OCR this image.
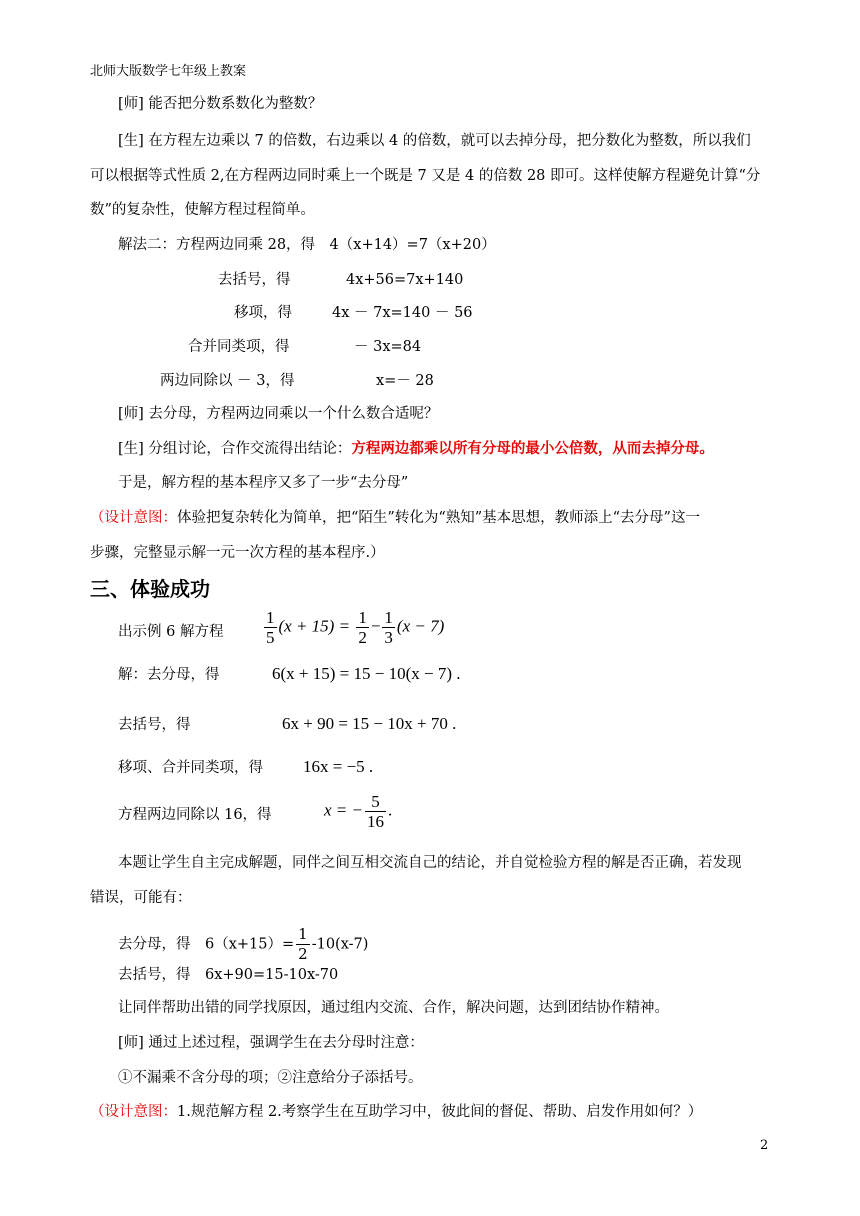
北师大版数学七年级上教案
[师] 能否把分数系数化为整数？
[生] 在方程左边乘以 7 的倍数，右边乘以 4 的倍数，就可以去掉分母，把分数化为整数，所以我们
可以根据等式性质 2,在方程两边同时乘上一个既是 7 又是 4 的倍数 28 即可。这样使解方程避免计算“分
数”的复杂性，使解方程过程简单。
解法二：方程两边同乘 28，得　4（x+14）=7（x+20）
去括号，得	4x+56=7x+140
移项，得	4x － 7x=140 － 56
合并同类项，得	－ 3x=84
两边同除以 － 3，得	x=－ 28
[师] 去分母，方程两边同乘以一个什么数合适呢？
[生] 分组讨论，合作交流得出结论：方程两边都乘以所有分母的最小公倍数，从而去掉分母。
于是，解方程的基本程序又多了一步“去分母”
（设计意图：体验把复杂转化为简单，把“陌生”转化为“熟知”基本思想，教师添上“去分母”这一
步骤，完整显示解一元一次方程的基本程序.）
三、体验成功
出示例 6 解方程 $\frac{1}{5} (x + 15) = \frac{1}{2} - \frac{1}{3} (x - 7)$
解：去分母，得	6(x + 15) = 15 − 10(x − 7) .
去括号，得	6x + 90 = 15 − 10x + 70 .
移项、合并同类项，得 16x = −5 .
方程两边同除以 16，得	x = − $\frac{5}{16}$ .
本题让学生自主完成解题，同伴之间互相交流自己的结论，并自觉检验方程的解是否正确，若发现
错误，可能有：
去分母，得　$6(x+15)= \frac{1}{2} -10(x-7)$
去括号，得　6x+90=15-10x-70
让同伴帮助出错的同学找原因，通过组内交流、合作，解决问题，达到团结协作精神。
[师] 通过上述过程，强调学生在去分母时注意：
①不漏乘不含分母的项；②注意给分子添括号。
（设计意图：1.规范解方程 2.考察学生在互助学习中，彼此间的督促、帮助、启发作用如何？）
2
